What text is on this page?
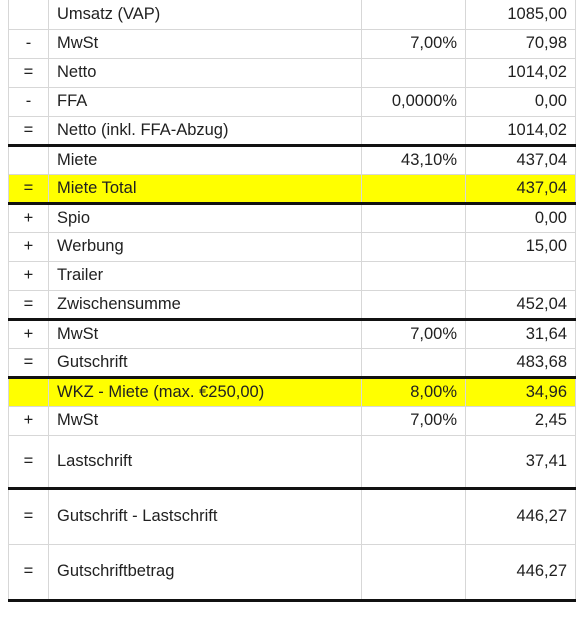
	Umsatz (VAP)		1085,00
-	MwSt	7,00%	70,98
=	Netto		1014,02
-	FFA	0,0000%	0,00
=	Netto (inkl. FFA-Abzug)		1014,02
	Miete	43,10%	437,04
=	Miete Total		437,04
+	Spio		0,00
+	Werbung		15,00
+	Trailer		
=	Zwischensumme		452,04
+	MwSt	7,00%	31,64
=	Gutschrift		483,68
	WKZ - Miete (max. €250,00)	8,00%	34,96
+	MwSt	7,00%	2,45
=	Lastschrift		37,41
=	Gutschrift - Lastschrift		446,27
=	Gutschriftbetrag		446,27
